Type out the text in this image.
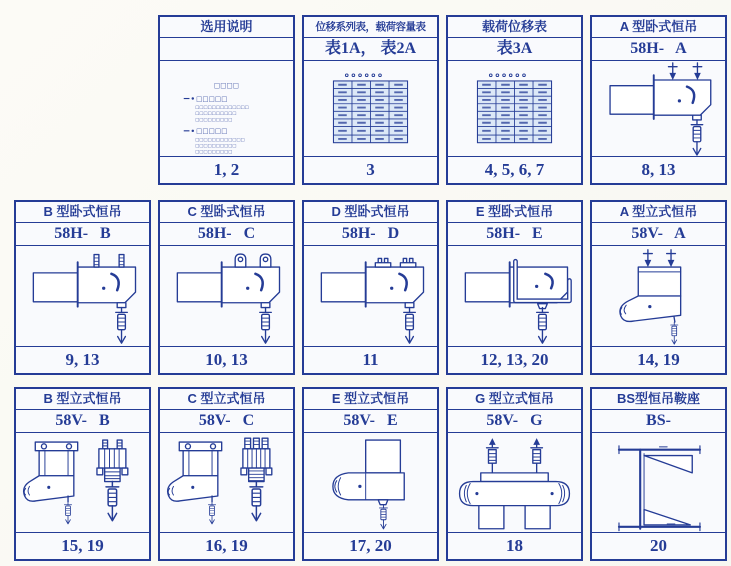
选用说明
□□□□
□□□□□
□□□□□□□□□□□□□
□□□□□□□□□□
□□□□□□□□□
□□□□□
□□□□□□□□□□□□
□□□□□□□□□□
□□□□□□□□□
1, 2
位移系列表，载荷容量表
表1A， 表2A
3
载荷位移表
表3A
4, 5, 6, 7
A 型卧式恒吊
58H-   A
8, 13
B 型卧式恒吊
58H-   B
9, 13
C 型卧式恒吊
58H-   C
10, 13
D 型卧式恒吊
58H-   D
11
E 型卧式恒吊
58H-   E
12, 13, 20
A 型立式恒吊
58V-   A
14, 19
B 型立式恒吊
58V-   B
15, 19
C 型立式恒吊
58V-   C
16, 19
E 型立式恒吊
58V-   E
17, 20
G 型立式恒吊
58V-   G
18
BS型恒吊鞍座
BS-
20
